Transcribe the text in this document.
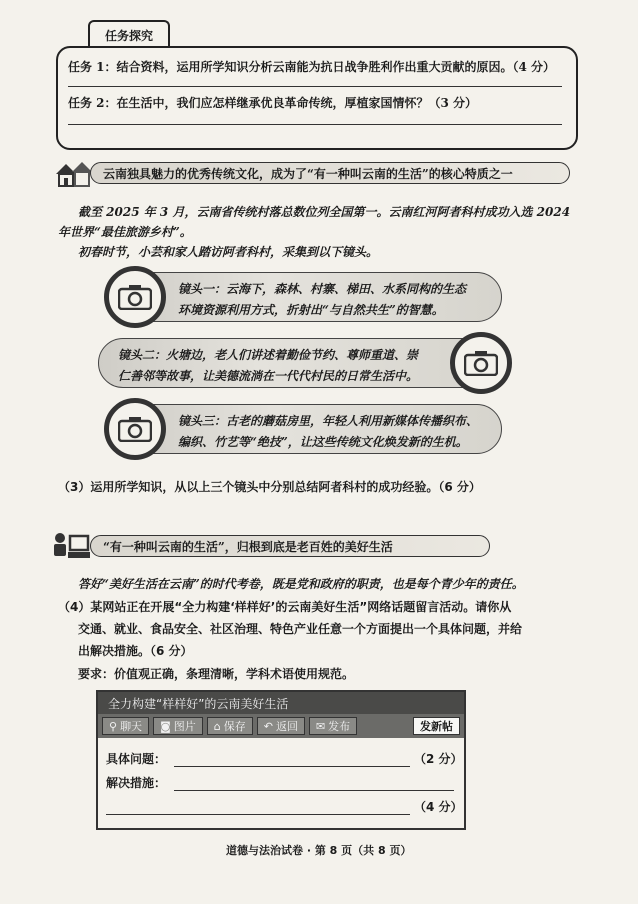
任务探究
任务 1：结合资料，运用所学知识分析云南能为抗日战争胜利作出重大贡献的原因。（4 分）
任务 2：在生活中，我们应怎样继承优良革命传统，厚植家国情怀？（3 分）
云南独具魅力的优秀传统文化，成为了“有一种叫云南的生活”的核心特质之一
截至 2025 年 3 月，云南省传统村落总数位列全国第一。云南红河阿者科村成功入选 2024
年世界“最佳旅游乡村”。
初春时节，小芸和家人踏访阿者科村，采集到以下镜头。
镜头一：云海下，森林、村寨、梯田、水系同构的生态
环境资源利用方式，折射出“与自然共生”的智慧。
镜头二：火塘边，老人们讲述着勤俭节约、尊师重道、崇
仁善邻等故事，让美德流淌在一代代村民的日常生活中。
镜头三：古老的蘑菇房里，年轻人利用新媒体传播织布、
编织、竹艺等“绝技”，让这些传统文化焕发新的生机。
（3）运用所学知识，从以上三个镜头中分别总结阿者科村的成功经验。（6 分）
“有一种叫云南的生活”，归根到底是老百姓的美好生活
答好“美好生活在云南”的时代考卷，既是党和政府的职责，也是每个青少年的责任。
（4）某网站正在开展“全力构建‘样样好’的云南美好生活”网络话题留言活动。请你从
交通、就业、食品安全、社区治理、特色产业任意一个方面提出一个具体问题，并给
出解决措施。（6 分）
要求：价值观正确，条理清晰，学科术语使用规范。
全力构建“样样好”的云南美好生活
⚲ 聊天 ◙ 图片 ⌂ 保存 ↶ 返回 ✉ 发布	发新帖
具体问题：	（2 分）
解决措施：
（4 分）
道德与法治试卷 · 第 8 页（共 8 页）
